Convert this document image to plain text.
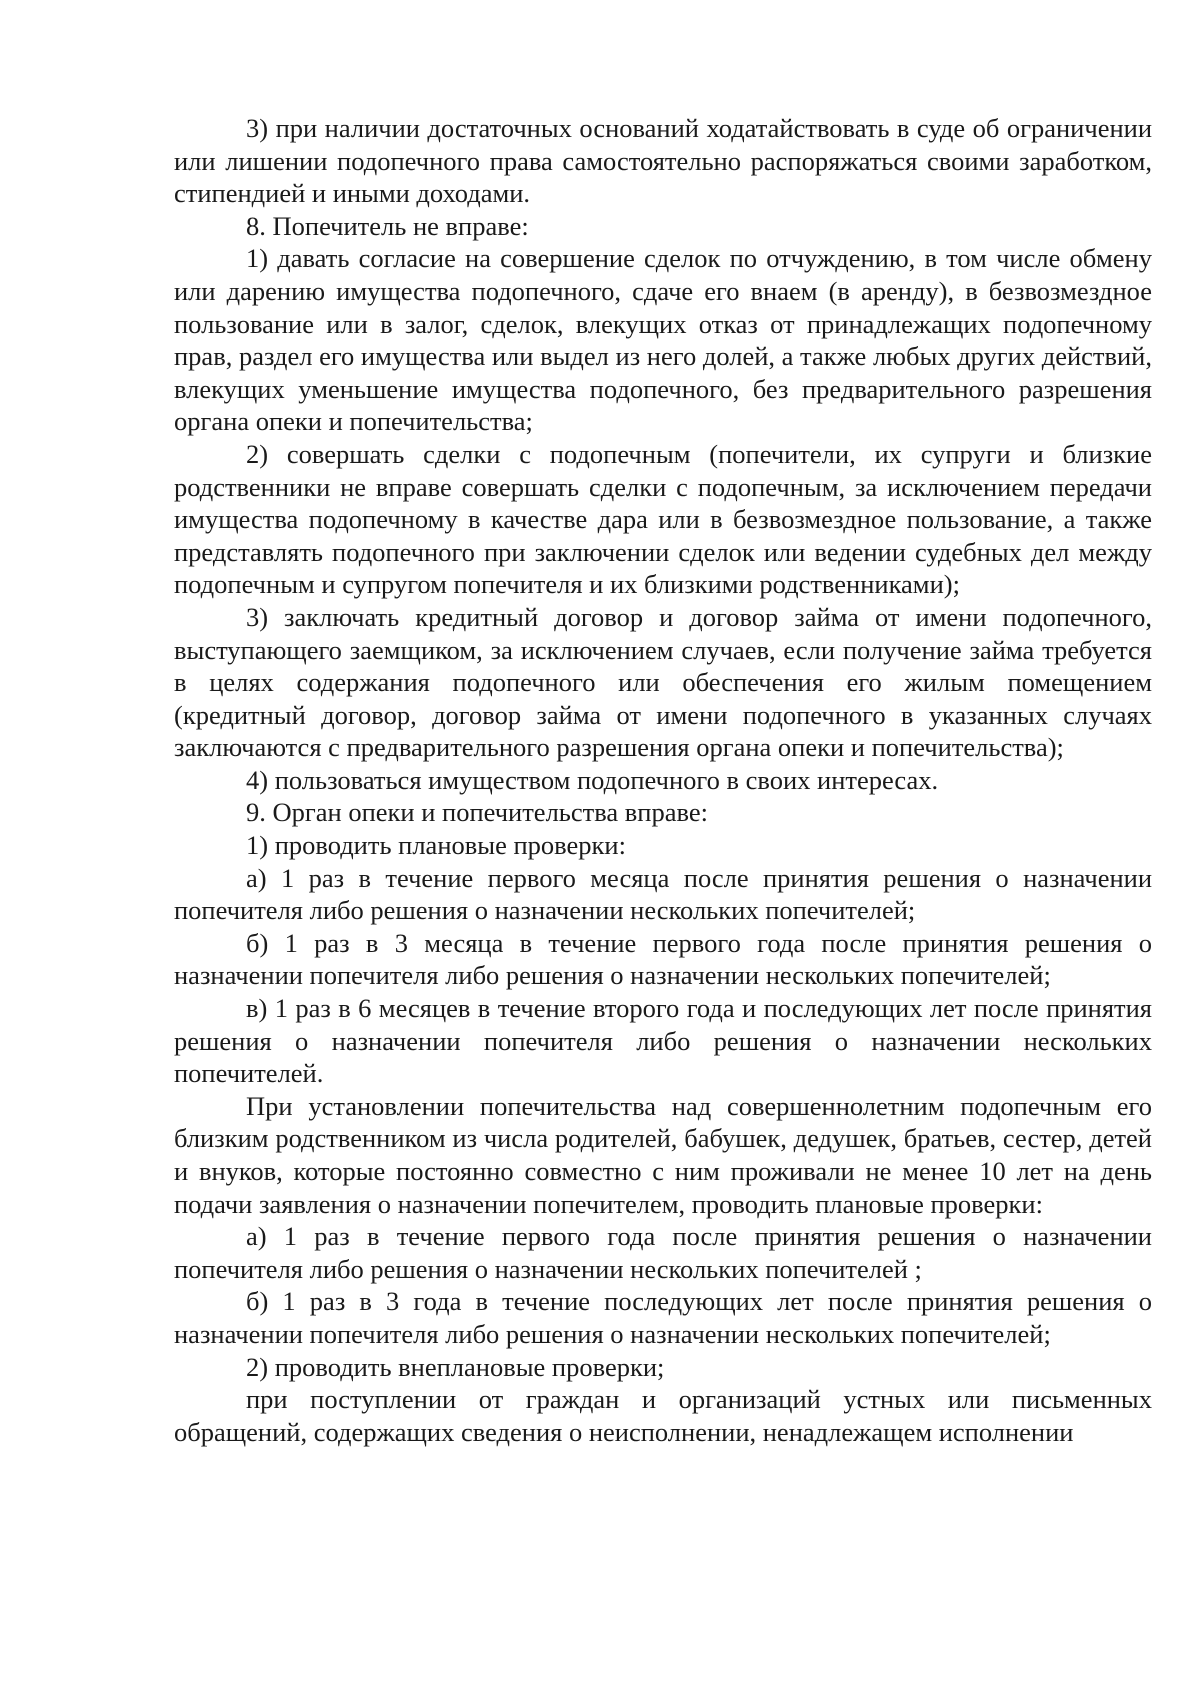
3) при наличии достаточных оснований ходатайствовать в суде об ограничении или лишении подопечного права самостоятельно распоряжаться своими заработком, стипендией и иными доходами.

8. Попечитель не вправе:

1) давать согласие на совершение сделок по отчуждению, в том числе обмену или дарению имущества подопечного, сдаче его внаем (в аренду), в безвозмездное пользование или в залог, сделок, влекущих отказ от принадлежащих подопечному прав, раздел его имущества или выдел из него долей, а также любых других действий, влекущих уменьшение имущества подопечного, без предварительного разрешения органа опеки и попечительства;

2) совершать сделки с подопечным (попечители, их супруги и близкие родственники не вправе совершать сделки с подопечным, за исключением передачи имущества подопечному в качестве дара или в безвозмездное пользование, а также представлять подопечного при заключении сделок или ведении судебных дел между подопечным и супругом попечителя и их близкими родственниками);

3) заключать кредитный договор и договор займа от имени подопечного, выступающего заемщиком, за исключением случаев, если получение займа требуется в целях содержания подопечного или обеспечения его жилым помещением (кредитный договор, договор займа от имени подопечного в указанных случаях заключаются с предварительного разрешения органа опеки и попечительства);

4) пользоваться имуществом подопечного в своих интересах.

9. Орган опеки и попечительства вправе:

1) проводить плановые проверки:

а) 1 раз в течение первого месяца после принятия решения о назначении попечителя либо решения о назначении нескольких попечителей;

б) 1 раз в 3 месяца в течение первого года после принятия решения о назначении попечителя либо решения о назначении нескольких попечителей;

в) 1 раз в 6 месяцев в течение второго года и последующих лет после принятия решения о назначении попечителя либо решения о назначении нескольких попечителей.

При установлении попечительства над совершеннолетним подопечным его близким родственником из числа родителей, бабушек, дедушек, братьев, сестер, детей и внуков, которые постоянно совместно с ним проживали не менее 10 лет на день подачи заявления о назначении попечителем, проводить плановые проверки:

а) 1 раз в течение первого года после принятия решения о назначении попечителя либо решения о назначении нескольких попечителей ;

б) 1 раз в 3 года в течение последующих лет после принятия решения о назначении попечителя либо решения о назначении нескольких попечителей;

2) проводить внеплановые проверки;

при поступлении от граждан и организаций устных или письменных обращений, содержащих сведения о неисполнении, ненадлежащем исполнении
